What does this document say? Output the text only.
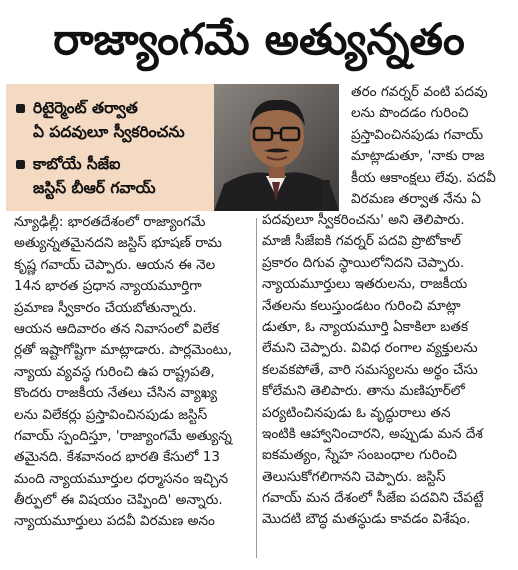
రాజ్యాంగమే అత్యున్నతం
రిటైర్మెంట్ తర్వాత
ఏ పదవులూ స్వీకరించను
కాబోయే సీజేఐ
జస్టిస్ బీఆర్ గవాయ్
న్యూఢిల్లీ: భారతదేశంలో రాజ్యాంగమే
అత్యున్నతమైనదని జస్టిస్ భూషణ్ రామ
కృష్ణ గవాయ్ చెప్పారు. ఆయన ఈ నెల
14న భారత ప్రధాన న్యాయమూర్తిగా
ప్రమాణ స్వీకారం చేయబోతున్నారు.
ఆయన ఆదివారం తన నివాసంలో విలేక
ర్లతో ఇష్టాగోష్టిగా మాట్లాడారు. పార్లమెంటు,
న్యాయ వ్యవస్థ గురించి ఉప రాష్ట్రపతి,
కొందరు రాజకీయ నేతలు చేసిన వ్యాఖ్య
లను విలేకర్లు ప్రస్తావించినపుడు జస్టిస్
గవాయ్ స్పందిస్తూ, 'రాజ్యాంగమే అత్యున్న
తమైనది. కేశవానంద భారతి కేసులో 13
మంది న్యాయమూర్తుల ధర్మాసనం ఇచ్చిన
తీర్పులో ఈ విషయం చెప్పింది' అన్నారు.
న్యాయమూర్తులు పదవీ విరమణ అనం
తరం గవర్నర్ వంటి పదవు
లను పొందడం గురించి
ప్రస్తావించినపుడు గవాయ్
మాట్లాడుతూ, 'నాకు రాజ
కీయ ఆకాంక్షలు లేవు. పదవీ
విరమణ తర్వాత నేను ఏ
పదవులూ స్వీకరించను' అని తెలిపారు.
మాజీ సీజేఐకి గవర్నర్ పదవి ప్రొటోకాల్
ప్రకారం దిగువ స్థాయిలోనిదని చెప్పారు.
న్యాయమూర్తులు ఇతరులను, రాజకీయ
నేతలను కలుస్తుండటం గురించి మాట్లా
డుతూ, ఓ న్యాయమూర్తి ఏకాకిలా బతక
లేమని చెప్పారు. వివిధ రంగాల వ్యక్తులను
కలవకపోతే, వారి సమస్యలను అర్థం చేసు
కోలేమని తెలిపారు. తాను మణిపూర్‌లో
పర్యటించినపుడు ఓ వృద్ధురాలు తన
ఇంటికి ఆహ్వానించారని, అప్పుడు మన దేశ
ఐకమత్యం, స్నేహ సంబంధాల గురించి
తెలుసుకోగలిగానని చెప్పారు. జస్టిస్
గవాయ్ మన దేశంలో సీజేఐ పదవిని చేపట్టే
మొదటి బౌద్ధ మతస్థుడు కావడం విశేషం.
